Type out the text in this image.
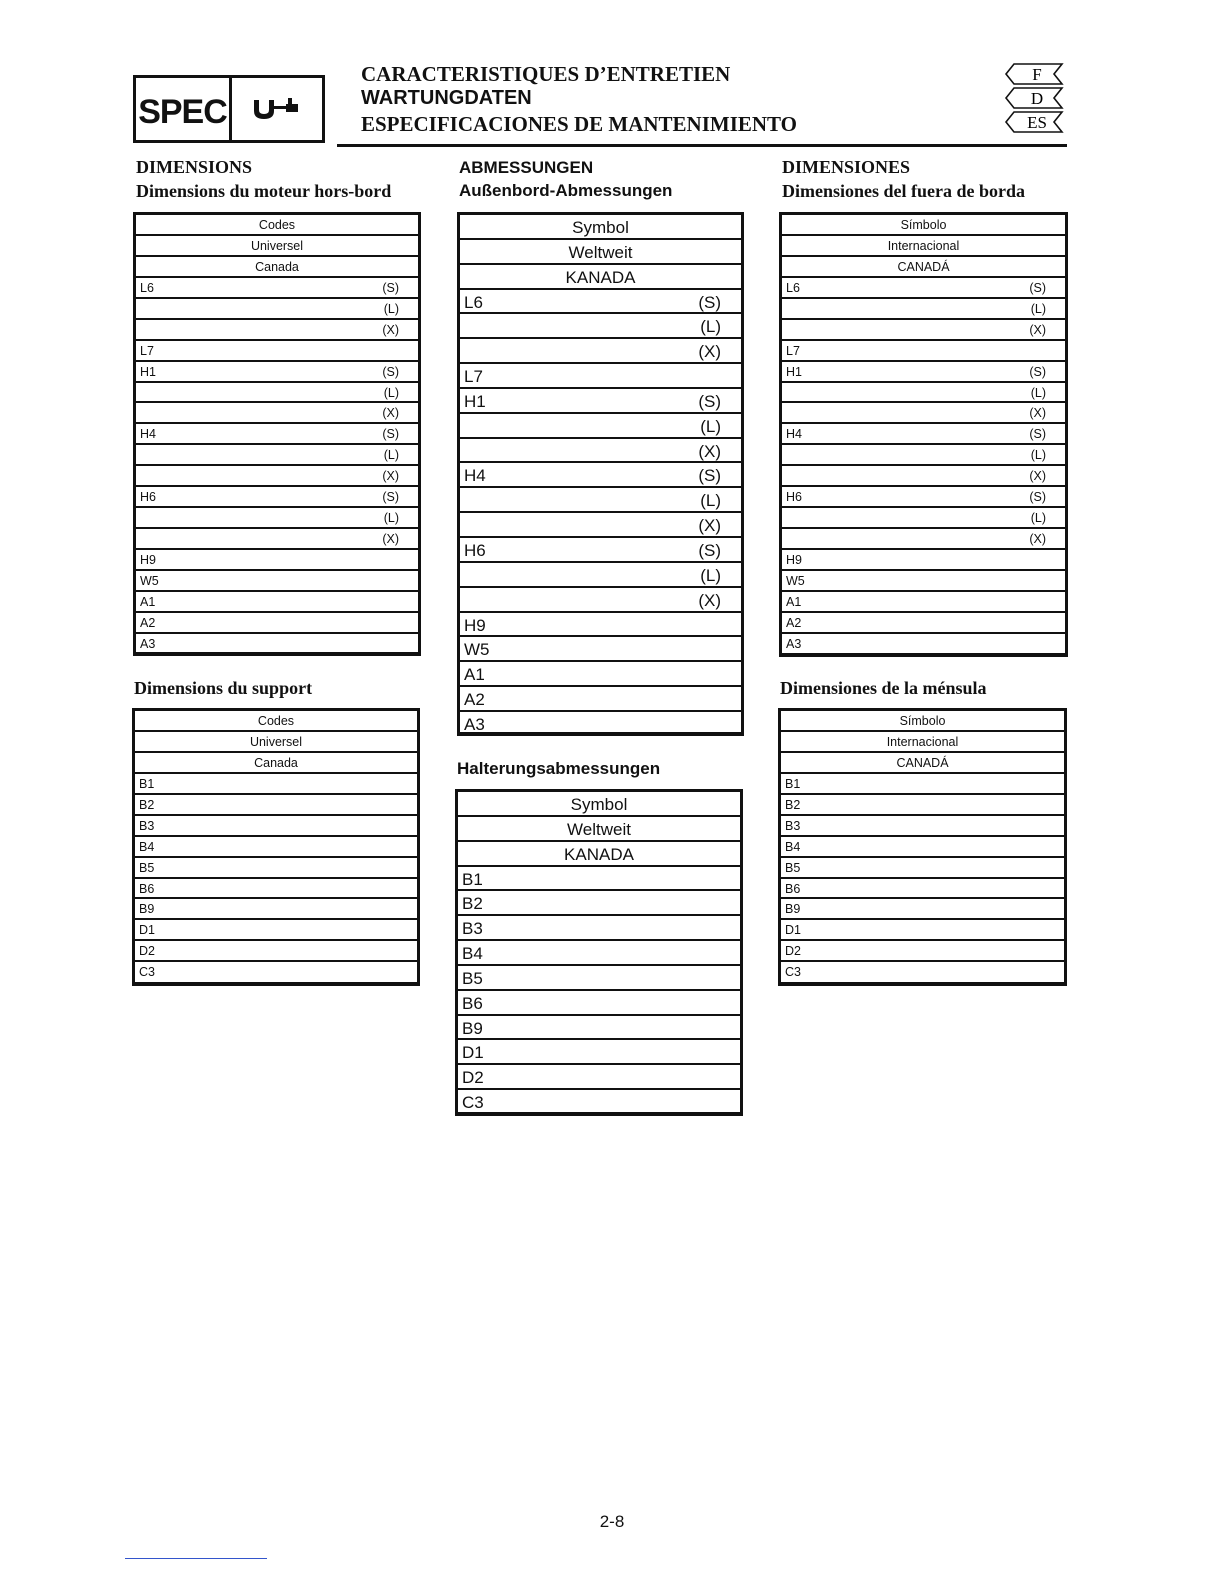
SPEC
CARACTERISTIQUES D’ENTRETIEN
WARTUNGDATEN
ESPECIFICACIONES DE MANTENIMIENTO
F
D
ES
DIMENSIONS
Dimensions du moteur hors-bord
Codes
Universel
Canada
L6	(S)
(L)
(X)
L7
H1	(S)
(L)
(X)
H4	(S)
(L)
(X)
H6	(S)
(L)
(X)
H9
W5
A1
A2
A3
Dimensions du support
Codes
Universel
Canada
B1
B2
B3
B4
B5
B6
B9
D1
D2
C3
ABMESSUNGEN
Außenbord-Abmessungen
Symbol
Weltweit
KANADA
L6	(S)
(L)
(X)
L7
H1	(S)
(L)
(X)
H4	(S)
(L)
(X)
H6	(S)
(L)
(X)
H9
W5
A1
A2
A3
Halterungsabmessungen
Symbol
Weltweit
KANADA
B1
B2
B3
B4
B5
B6
B9
D1
D2
C3
DIMENSIONES
Dimensiones del fuera de borda
Símbolo
Internacional
CANADÁ
L6	(S)
(L)
(X)
L7
H1	(S)
(L)
(X)
H4	(S)
(L)
(X)
H6	(S)
(L)
(X)
H9
W5
A1
A2
A3
Dimensiones de la ménsula
Símbolo
Internacional
CANADÁ
B1
B2
B3
B4
B5
B6
B9
D1
D2
C3
2-8
